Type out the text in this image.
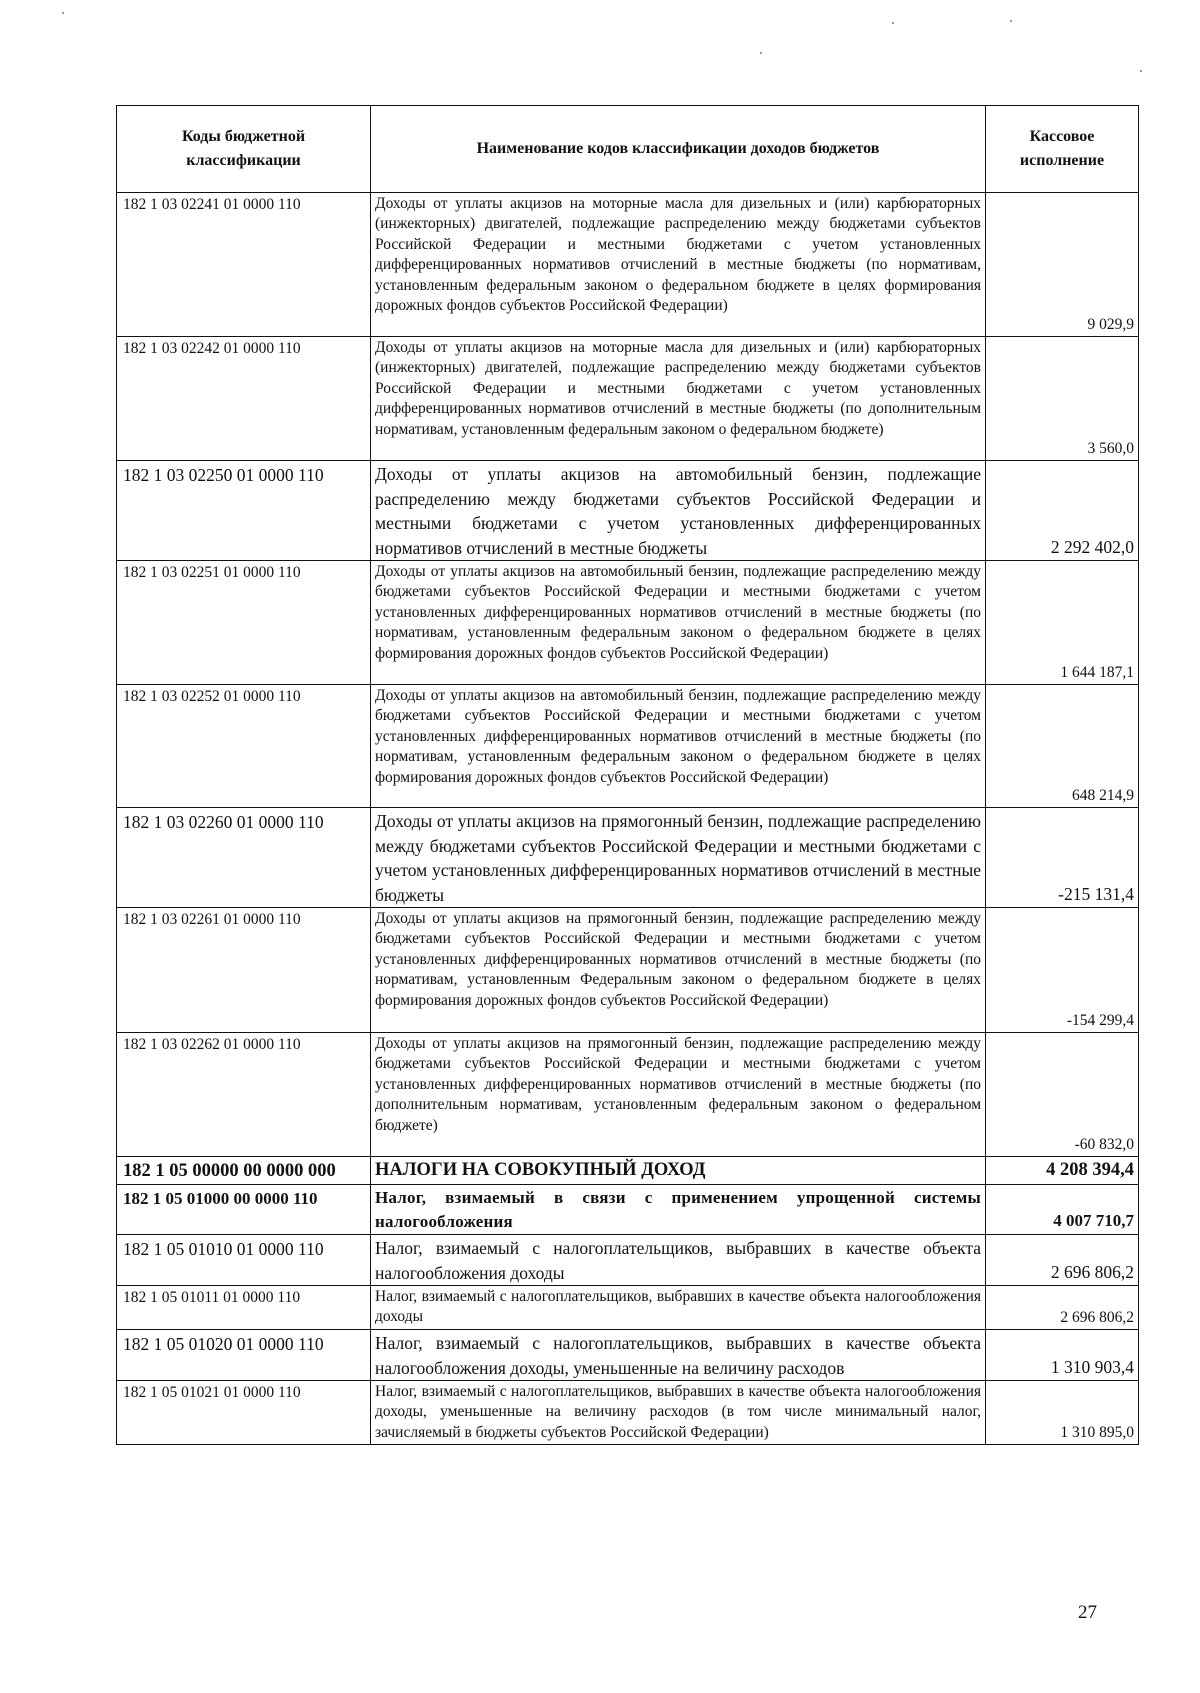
Коды бюджетной классификации	Наименование кодов классификации доходов бюджетов	Кассовое исполнение
182 1 03 02241 01 0000 110	Доходы от уплаты акцизов на моторные масла для дизельных и (или) карбюраторных (инжекторных) двигателей, подлежащие распределению между бюджетами субъектов Российской Федерации и местными бюджетами с учетом установленных дифференцированных нормативов отчислений в местные бюджеты (по нормативам, установленным федеральным законом о федеральном бюджете в целях формирования дорожных фондов субъектов Российской Федерации)	9 029,9
182 1 03 02242 01 0000 110	Доходы от уплаты акцизов на моторные масла для дизельных и (или) карбюраторных (инжекторных) двигателей, подлежащие распределению между бюджетами субъектов Российской Федерации и местными бюджетами с учетом установленных дифференцированных нормативов отчислений в местные бюджеты (по дополнительным нормативам, установленным федеральным законом о федеральном бюджете)	3 560,0
182 1 03 02250 01 0000 110	Доходы от уплаты акцизов на автомобильный бензин, подлежащие распределению между бюджетами субъектов Российской Федерации и местными бюджетами с учетом установленных дифференцированных нормативов отчислений в местные бюджеты	2 292 402,0
182 1 03 02251 01 0000 110	Доходы от уплаты акцизов на автомобильный бензин, подлежащие распределению между бюджетами субъектов Российской Федерации и местными бюджетами с учетом установленных дифференцированных нормативов отчислений в местные бюджеты (по нормативам, установленным федеральным законом о федеральном бюджете в целях формирования дорожных фондов субъектов Российской Федерации)	1 644 187,1
182 1 03 02252 01 0000 110	Доходы от уплаты акцизов на автомобильный бензин, подлежащие распределению между бюджетами субъектов Российской Федерации и местными бюджетами с учетом установленных дифференцированных нормативов отчислений в местные бюджеты (по нормативам, установленным федеральным законом о федеральном бюджете в целях формирования дорожных фондов субъектов Российской Федерации)	648 214,9
182 1 03 02260 01 0000 110	Доходы от уплаты акцизов на прямогонный бензин, подлежащие распределению между бюджетами субъектов Российской Федерации и местными бюджетами с учетом установленных дифференцированных нормативов отчислений в местные бюджеты	-215 131,4
182 1 03 02261 01 0000 110	Доходы от уплаты акцизов на прямогонный бензин, подлежащие распределению между бюджетами субъектов Российской Федерации и местными бюджетами с учетом установленных дифференцированных нормативов отчислений в местные бюджеты (по нормативам, установленным Федеральным законом о федеральном бюджете в целях формирования дорожных фондов субъектов Российской Федерации)	-154 299,4
182 1 03 02262 01 0000 110	Доходы от уплаты акцизов на прямогонный бензин, подлежащие распределению между бюджетами субъектов Российской Федерации и местными бюджетами с учетом установленных дифференцированных нормативов отчислений в местные бюджеты (по дополнительным нормативам, установленным федеральным законом о федеральном бюджете)	-60 832,0
182 1 05 00000 00 0000 000	НАЛОГИ НА СОВОКУПНЫЙ ДОХОД	4 208 394,4
182 1 05 01000 00 0000 110	Налог, взимаемый в связи с применением упрощенной системы налогообложения	4 007 710,7
182 1 05 01010 01 0000 110	Налог, взимаемый с налогоплательщиков, выбравших в качестве объекта налогообложения доходы	2 696 806,2
182 1 05 01011 01 0000 110	Налог, взимаемый с налогоплательщиков, выбравших в качестве объекта налогообложения доходы	2 696 806,2
182 1 05 01020 01 0000 110	Налог, взимаемый с налогоплательщиков, выбравших в качестве объекта налогообложения доходы, уменьшенные на величину расходов	1 310 903,4
182 1 05 01021 01 0000 110	Налог, взимаемый с налогоплательщиков, выбравших в качестве объекта налогообложения доходы, уменьшенные на величину расходов (в том числе минимальный налог, зачисляемый в бюджеты субъектов Российской Федерации)	1 310 895,0
27
